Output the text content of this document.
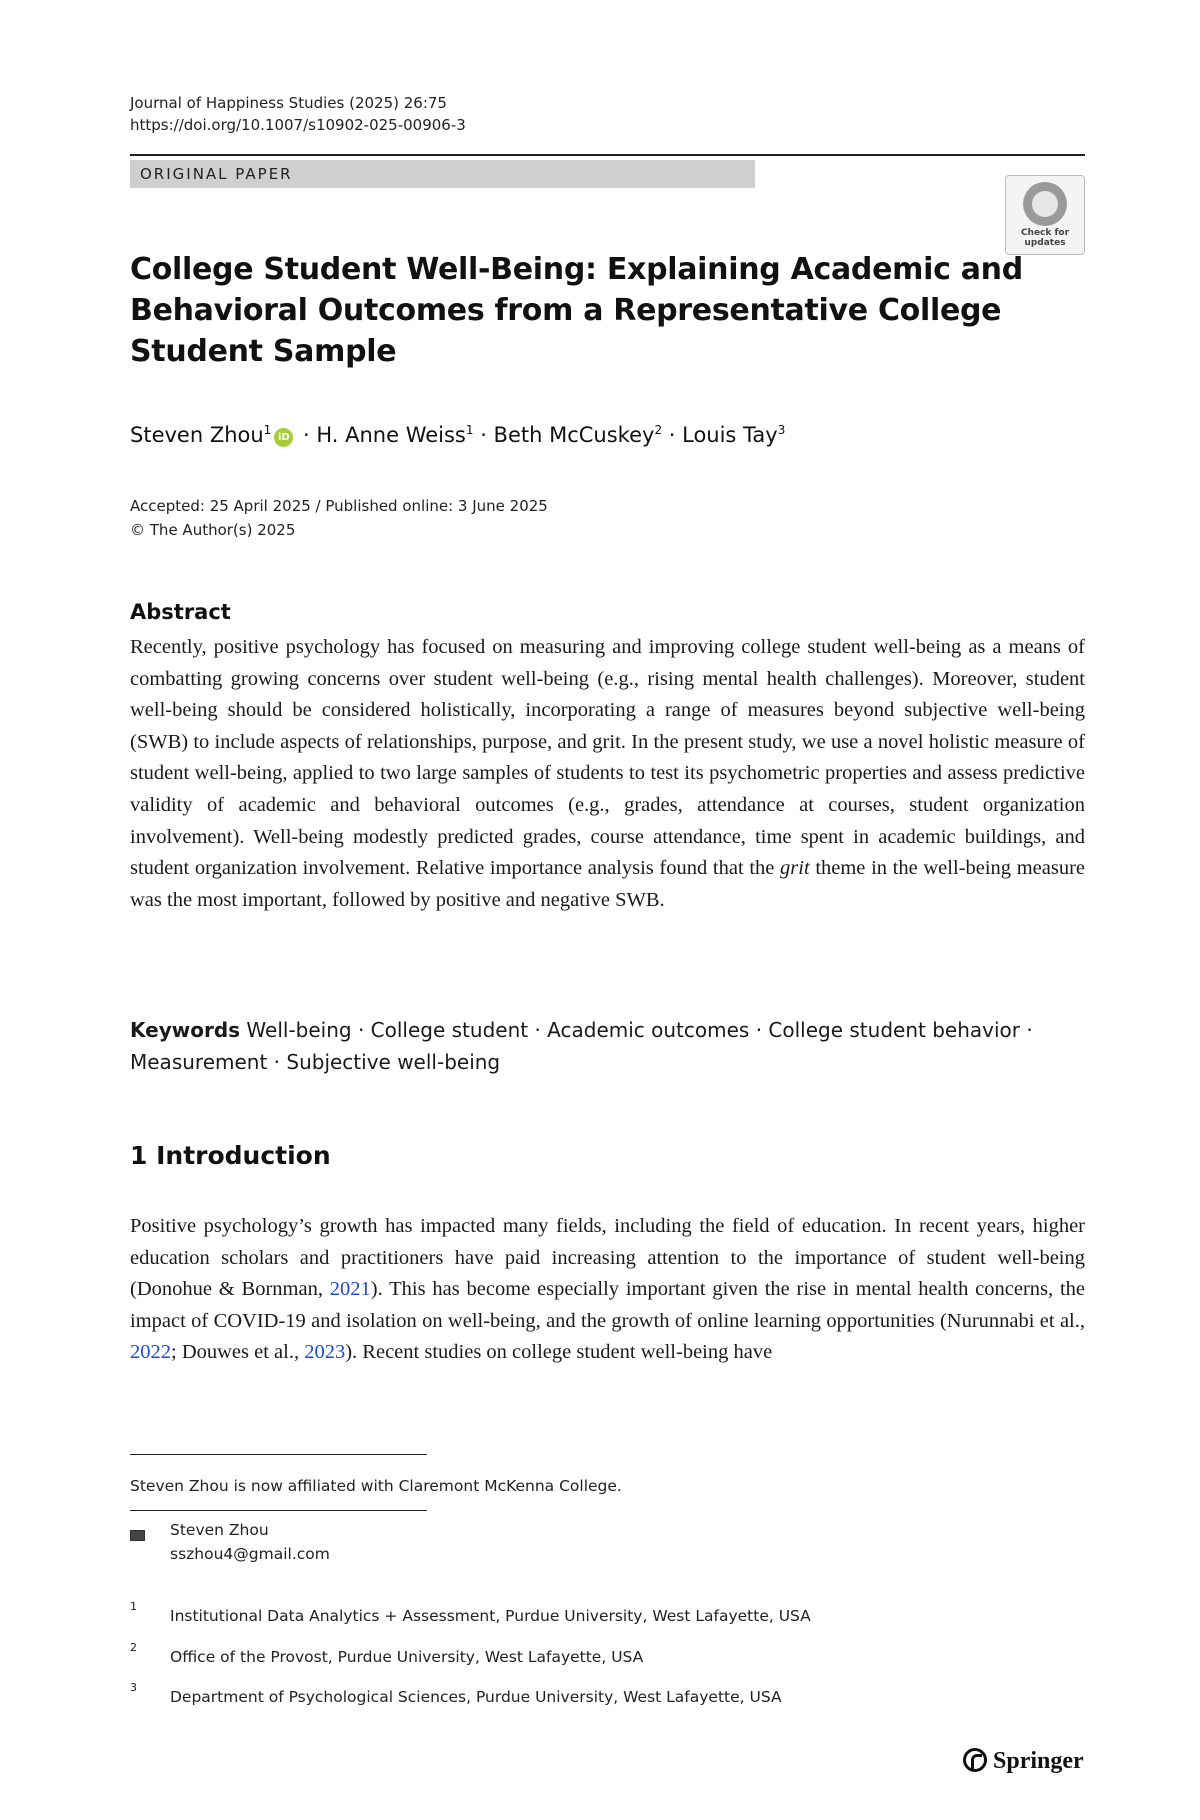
Journal of Happiness Studies (2025) 26:75
https://doi.org/10.1007/s10902-025-00906-3
ORIGINAL PAPER
Check for updates
College Student Well-Being: Explaining Academic and Behavioral Outcomes from a Representative College Student Sample
Steven Zhou$^1$iD · H. Anne Weiss$^1$ · Beth McCuskey$^2$ · Louis Tay$^3$
Accepted: 25 April 2025 / Published online: 3 June 2025
© The Author(s) 2025
Abstract
Recently, positive psychology has focused on measuring and improving college student well-being as a means of combatting growing concerns over student well-being (e.g., rising mental health challenges). Moreover, student well-being should be considered holistically, incorporating a range of measures beyond subjective well-being (SWB) to include aspects of relationships, purpose, and grit. In the present study, we use a novel holistic measure of student well-being, applied to two large samples of students to test its psychometric properties and assess predictive validity of academic and behavioral outcomes (e.g., grades, attendance at courses, student organization involvement). Well-being modestly predicted grades, course attendance, time spent in academic buildings, and student organization involvement. Relative importance analysis found that the grit theme in the well-being measure was the most important, followed by positive and negative SWB.
Keywords Well-being · College student · Academic outcomes · College student behavior · Measurement · Subjective well-being
1 Introduction
Positive psychology’s growth has impacted many fields, including the field of education. In recent years, higher education scholars and practitioners have paid increasing attention to the importance of student well-being (Donohue & Bornman, 2021). This has become especially important given the rise in mental health concerns, the impact of COVID-19 and isolation on well-being, and the growth of online learning opportunities (Nurunnabi et al., 2022; Douwes et al., 2023). Recent studies on college student well-being have
Steven Zhou is now affiliated with Claremont McKenna College.
Steven Zhou
sszhou4@gmail.com
1
Institutional Data Analytics + Assessment, Purdue University, West Lafayette, USA
2
Office of the Provost, Purdue University, West Lafayette, USA
3
Department of Psychological Sciences, Purdue University, West Lafayette, USA
Springer
